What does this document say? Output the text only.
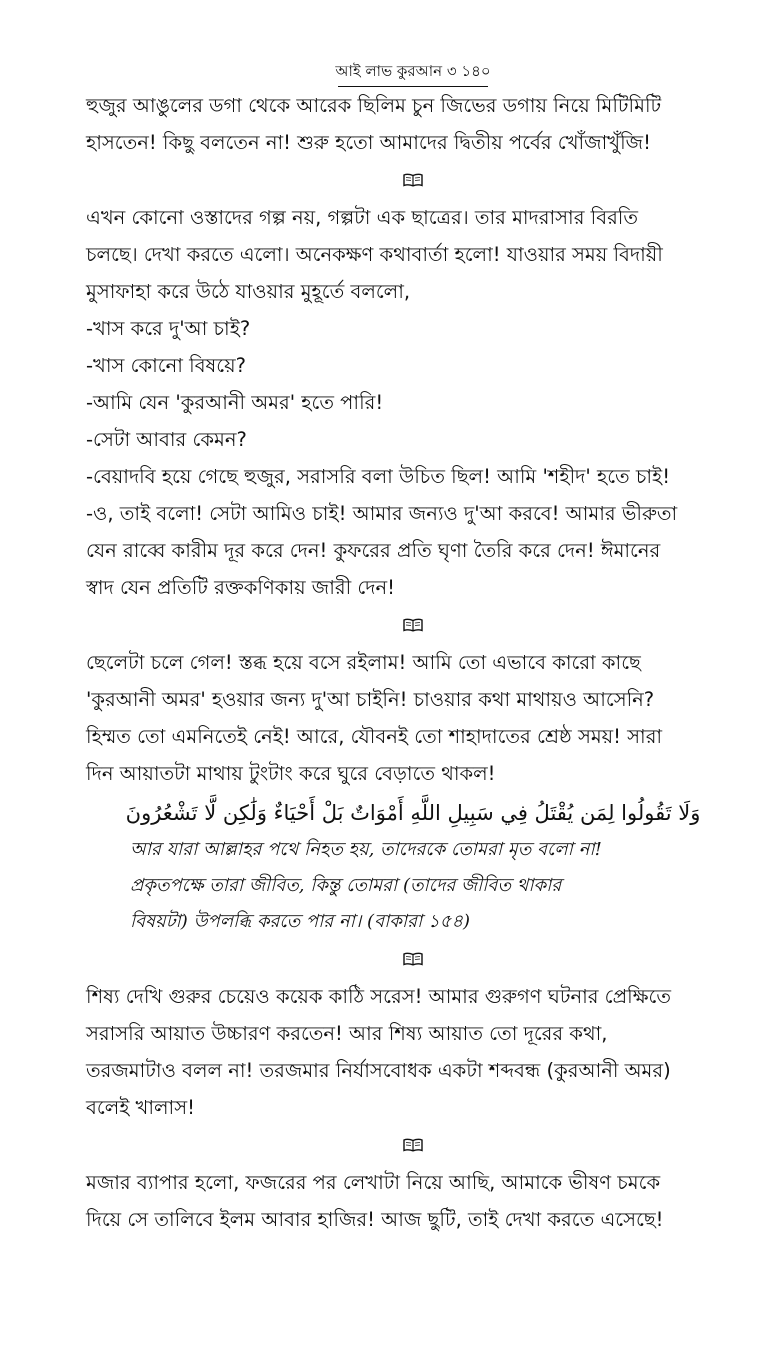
আই লাভ কুরআন ৩ ১৪০

হুজুর আঙুলের ডগা থেকে আরেক ছিলিম চুন জিভের ডগায় নিয়ে মিটিমিটি
হাসতেন! কিছু বলতেন না! শুরু হতো আমাদের দ্বিতীয় পর্বের খোঁজাখুঁজি!

এখন কোনো ওস্তাদের গল্প নয়, গল্পটা এক ছাত্রের। তার মাদরাসার বিরতি
চলছে। দেখা করতে এলো। অনেকক্ষণ কথাবার্তা হলো! যাওয়ার সময় বিদায়ী
মুসাফাহা করে উঠে যাওয়ার মুহূর্তে বললো,
-খাস করে দু'আ চাই?
-খাস কোনো বিষয়ে?
-আমি যেন 'কুরআনী অমর' হতে পারি!
-সেটা আবার কেমন?
-বেয়াদবি হয়ে গেছে হুজুর, সরাসরি বলা উচিত ছিল! আমি 'শহীদ' হতে চাই!
-ও, তাই বলো! সেটা আমিও চাই! আমার জন্যও দু'আ করবে! আমার ভীরুতা
যেন রাব্বে কারীম দূর করে দেন! কুফরের প্রতি ঘৃণা তৈরি করে দেন! ঈমানের
স্বাদ যেন প্রতিটি রক্তকণিকায় জারী দেন!

ছেলেটা চলে গেল! স্তব্ধ হয়ে বসে রইলাম! আমি তো এভাবে কারো কাছে
'কুরআনী অমর' হওয়ার জন্য দু'আ চাইনি! চাওয়ার কথা মাথায়ও আসেনি?
হিম্মত তো এমনিতেই নেই! আরে, যৌবনই তো শাহাদাতের শ্রেষ্ঠ সময়! সারা
দিন আয়াতটা মাথায় টুংটাং করে ঘুরে বেড়াতে থাকল!

وَلَا تَقُولُوا لِمَن يُقْتَلُ فِي سَبِيلِ اللَّهِ أَمْوَاتٌ بَلْ أَحْيَاءٌ وَلَٰكِن لَّا تَشْعُرُونَ

আর যারা আল্লাহর পথে নিহত হয়, তাদেরকে তোমরা মৃত বলো না!
প্রকৃতপক্ষে তারা জীবিত, কিন্তু তোমরা (তাদের জীবিত থাকার
বিষয়টা) উপলব্ধি করতে পার না। (বাকারা ১৫৪)

শিষ্য দেখি গুরুর চেয়েও কয়েক কাঠি সরেস! আমার গুরুগণ ঘটনার প্রেক্ষিতে
সরাসরি আয়াত উচ্চারণ করতেন! আর শিষ্য আয়াত তো দূরের কথা,
তরজমাটাও বলল না! তরজমার নির্যাসবোধক একটা শব্দবন্ধ (কুরআনী অমর)
বলেই খালাস!

মজার ব্যাপার হলো, ফজরের পর লেখাটা নিয়ে আছি, আমাকে ভীষণ চমকে
দিয়ে সে তালিবে ইলম আবার হাজির! আজ ছুটি, তাই দেখা করতে এসেছে!
